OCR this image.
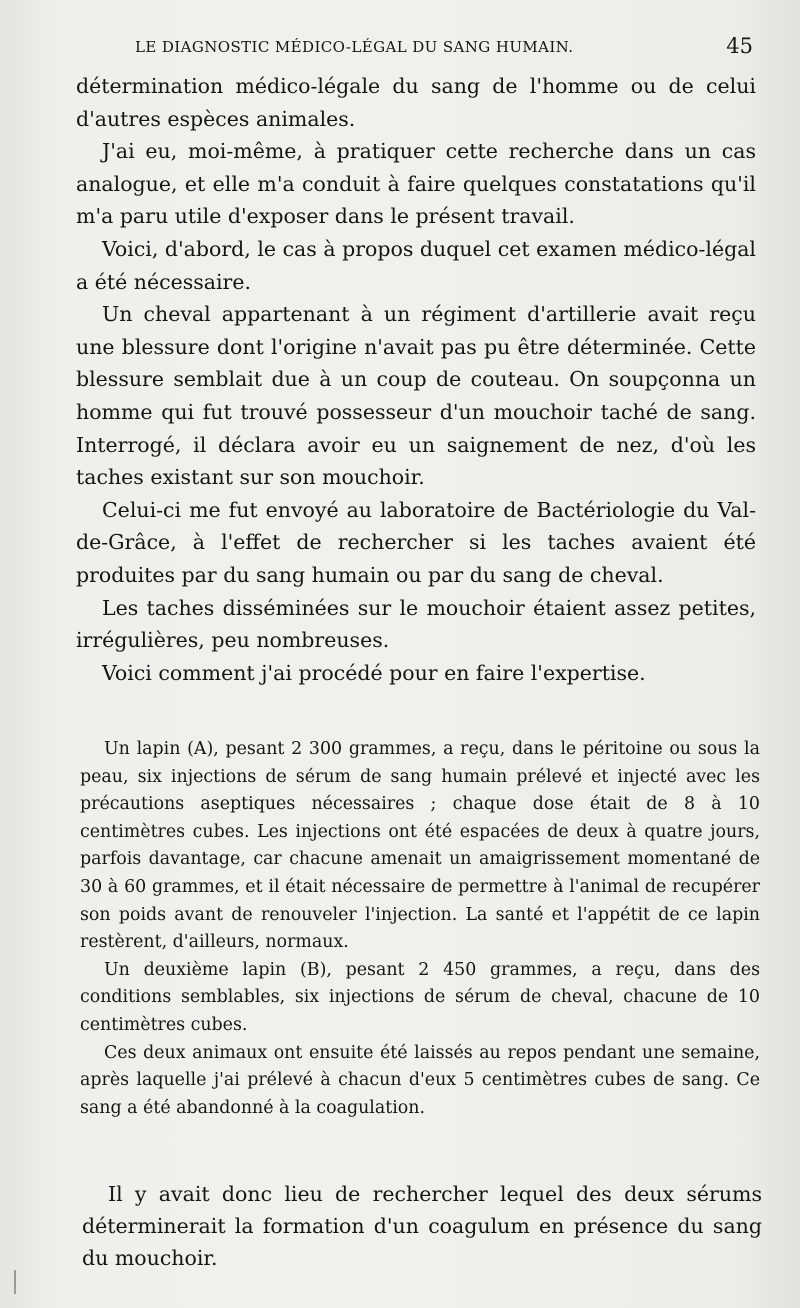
LE DIAGNOSTIC MÉDICO-LÉGAL DU SANG HUMAIN.	45

détermination médico-légale du sang de l'homme ou de celui d'autres espèces animales.

J'ai eu, moi-même, à pratiquer cette recherche dans un cas analogue, et elle m'a conduit à faire quelques constatations qu'il m'a paru utile d'exposer dans le présent travail.

Voici, d'abord, le cas à propos duquel cet examen médico-légal a été nécessaire.

Un cheval appartenant à un régiment d'artillerie avait reçu une blessure dont l'origine n'avait pas pu être déterminée. Cette blessure semblait due à un coup de couteau. On soupçonna un homme qui fut trouvé possesseur d'un mouchoir taché de sang. Interrogé, il déclara avoir eu un saignement de nez, d'où les taches existant sur son mouchoir.

Celui-ci me fut envoyé au laboratoire de Bactériologie du Val-de-Grâce, à l'effet de rechercher si les taches avaient été produites par du sang humain ou par du sang de cheval.

Les taches disséminées sur le mouchoir étaient assez petites, irrégulières, peu nombreuses.

Voici comment j'ai procédé pour en faire l'expertise.

Un lapin (A), pesant 2 300 grammes, a reçu, dans le péritoine ou sous la peau, six injections de sérum de sang humain prélevé et injecté avec les précautions aseptiques nécessaires ; chaque dose était de 8 à 10 centimètres cubes. Les injections ont été espacées de deux à quatre jours, parfois davantage, car chacune amenait un amaigrissement momentané de 30 à 60 grammes, et il était nécessaire de permettre à l'animal de recupérer son poids avant de renouveler l'injection. La santé et l'appétit de ce lapin restèrent, d'ailleurs, normaux.

Un deuxième lapin (B), pesant 2 450 grammes, a reçu, dans des conditions semblables, six injections de sérum de cheval, chacune de 10 centimètres cubes.

Ces deux animaux ont ensuite été laissés au repos pendant une semaine, après laquelle j'ai prélevé à chacun d'eux 5 centimètres cubes de sang. Ce sang a été abandonné à la coagulation.

Il y avait donc lieu de rechercher lequel des deux sérums déterminerait la formation d'un coagulum en présence du sang du mouchoir.
